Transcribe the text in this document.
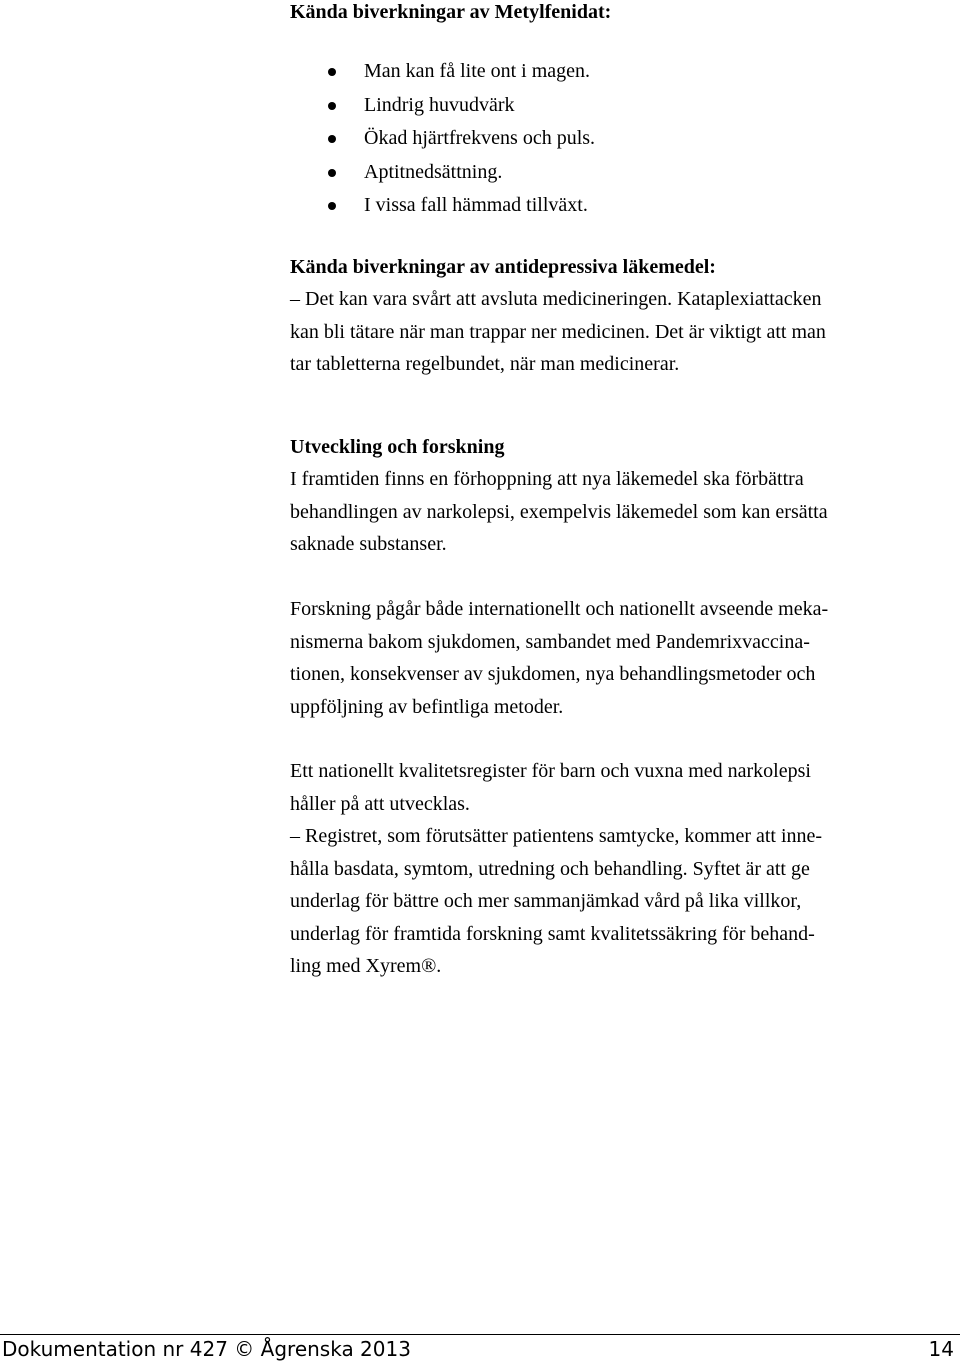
Kända biverkningar av Metylfenidat:

Man kan få lite ont i magen.
Lindrig huvudvärk
Ökad hjärtfrekvens och puls.
Aptitnedsättning.
I vissa fall hämmad tillväxt.

Kända biverkningar av antidepressiva läkemedel:

– Det kan vara svårt att avsluta medicineringen. Kataplexiattacken

kan bli tätare när man trappar ner medicinen. Det är viktigt att man

tar tabletterna regelbundet, när man medicinerar.

Utveckling och forskning

I framtiden finns en förhoppning att nya läkemedel ska förbättra

behandlingen av narkolepsi, exempelvis läkemedel som kan ersätta

saknade substanser.

Forskning pågår både internationellt och nationellt avseende meka-

nismerna bakom sjukdomen, sambandet med Pandemrixvaccina-

tionen, konsekvenser av sjukdomen, nya behandlingsmetoder och

uppföljning av befintliga metoder.

Ett nationellt kvalitetsregister för barn och vuxna med narkolepsi

håller på att utvecklas.

– Registret, som förutsätter patientens samtycke, kommer att inne-

hålla basdata, symtom, utredning och behandling. Syftet är att ge

underlag för bättre och mer sammanjämkad vård på lika villkor,

underlag för framtida forskning samt kvalitetssäkring för behand-

ling med Xyrem®.

Dokumentation nr 427 © Ågrenska 2013	14
